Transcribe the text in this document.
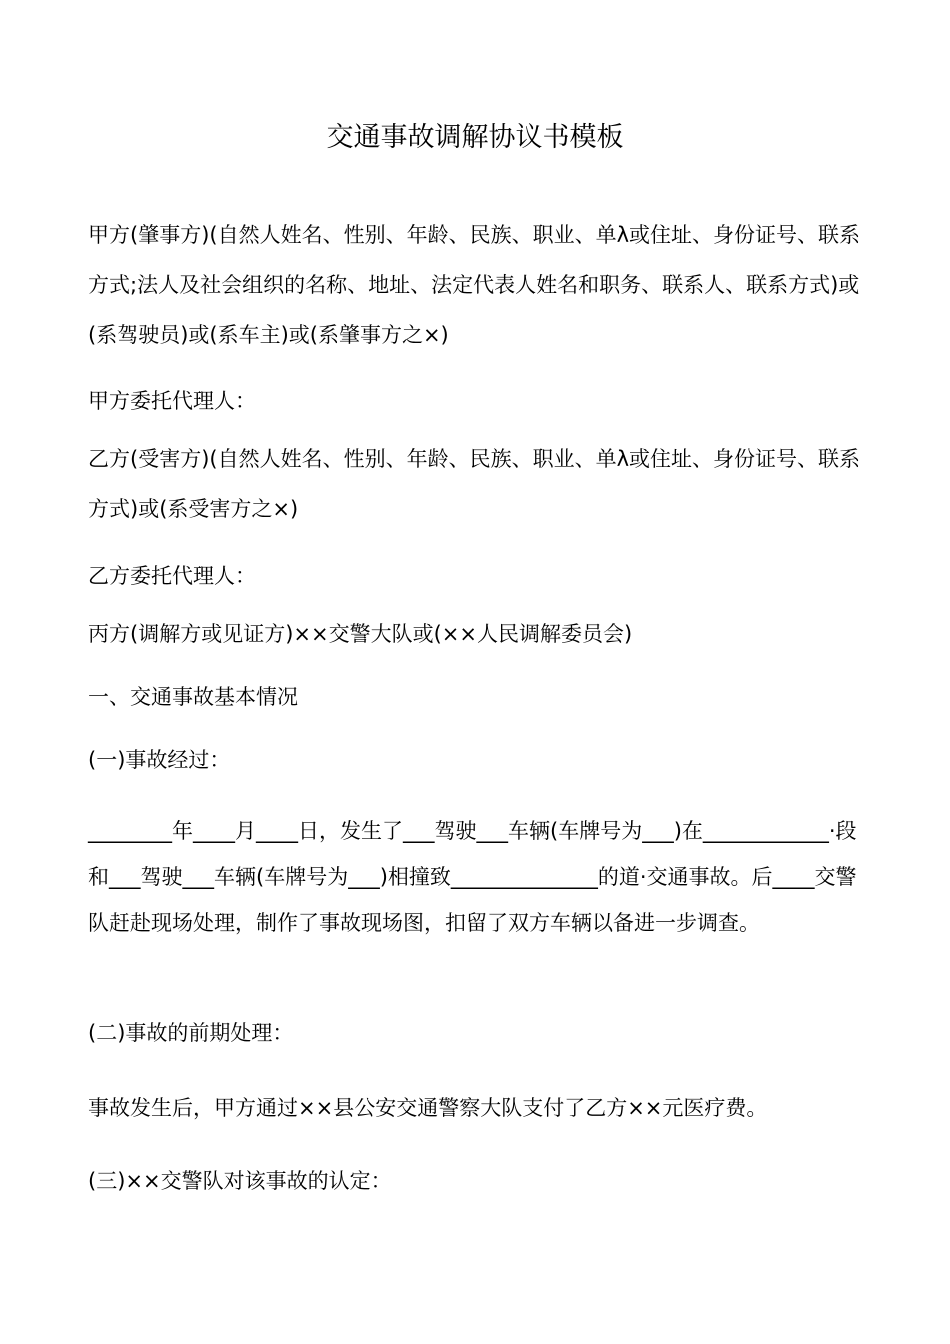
交通事故调解协议书模板

甲方(肇事方)(自然人姓名、性别、年龄、民族、职业、单λ或住址、身份证号、联系方式;法人及社会组织的名称、地址、法定代表人姓名和职务、联系人、联系方式)或(系驾驶员)或(系车主)或(系肇事方之×)

甲方委托代理人：

乙方(受害方)(自然人姓名、性别、年龄、民族、职业、单λ或住址、身份证号、联系方式)或(系受害方之×)

乙方委托代理人：

丙方(调解方或见证方)××交警大队或(××人民调解委员会)

一、交通事故基本情况

(一)事故经过：

________年____月____日，发生了___驾驶___车辆(车牌号为___)在____________·段和___驾驶___车辆(车牌号为___)相撞致______________的道·交通事故。后____交警队赶赴现场处理，制作了事故现场图，扣留了双方车辆以备进一步调查。

(二)事故的前期处理：

事故发生后，甲方通过××县公安交通警察大队支付了乙方××元医疗费。

(三)××交警队对该事故的认定：
